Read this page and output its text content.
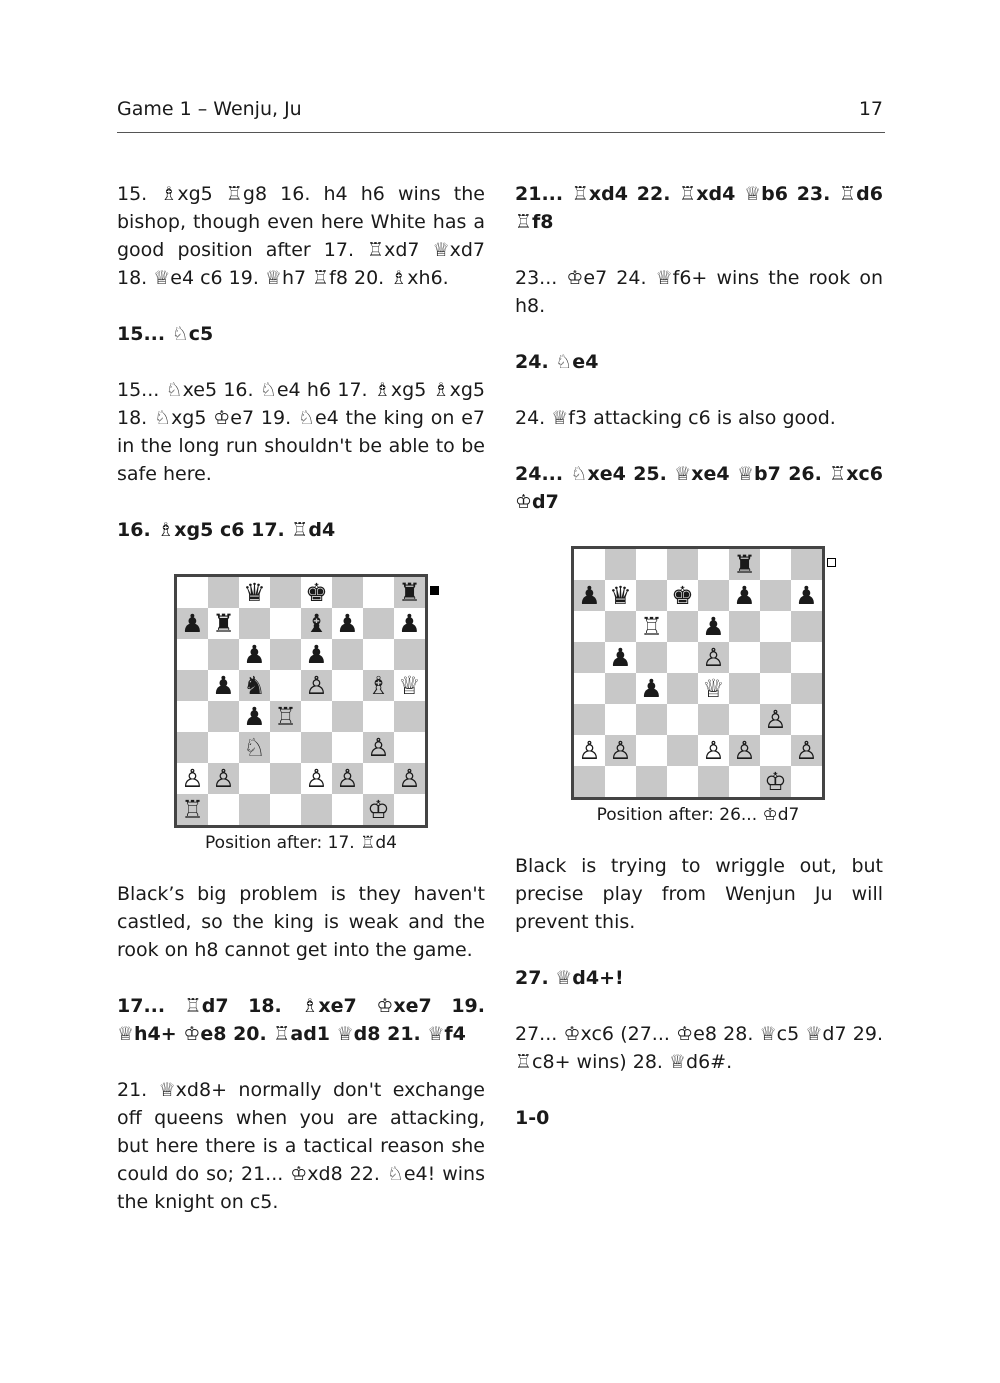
Game 1 – Wenju, Ju	17

15. ♗xg5 ♖g8 16. h4 h6 wins the bishop, though even here White has a good position after 17. ♖xd7 ♕xd7 18. ♕e4 c6 19. ♕h7 ♖f8 20. ♗xh6.

15... ♘c5

15... ♘xe5 16. ♘e4 h6 17. ♗xg5 ♗xg5 18. ♘xg5 ♔e7 19. ♘e4 the king on e7 in the long run shouldn't be able to be safe here.

16. ♗xg5 c6 17. ♖d4

♛ ♚	♜
♟ ♜	♝ ♟ ♟
♟ ♟
♟ ♞ ♙ ♗ ♕
♟ ♖
♘	♙
♙ ♙	♙ ♙ ♙
♖	♔
Position after: 17. ♖d4

Black’s big problem is they haven't castled, so the king is weak and the rook on h8 cannot get into the game.

17... ♖d7 18. ♗xe7 ♔xe7 19. ♕h4+ ♔e8 20. ♖ad1 ♕d8 21. ♕f4

21. ♕xd8+ normally don't exchange off queens when you are attacking, but here there is a tactical reason she could do so; 21... ♔xd8 22. ♘e4! wins the knight on c5.

21... ♖xd4 22. ♖xd4 ♕b6 23. ♖d6 ♖f8

23... ♔e7 24. ♕f6+ wins the rook on h8.

24. ♘e4

24. ♕f3 attacking c6 is also good.

24... ♘xe4 25. ♕xe4 ♕b7 26. ♖xc6 ♔d7

♜
♟ ♛ ♚ ♟ ♟
♖ ♟
♟	♙
♟ ♕
♙
♙ ♙	♙ ♙ ♙
♔
Position after: 26... ♔d7

Black is trying to wriggle out, but precise play from Wenjun Ju will prevent this.

27. ♕d4+!

27... ♔xc6 (27... ♔e8 28. ♕c5 ♕d7 29. ♖c8+ wins) 28. ♕d6#.

1-0
